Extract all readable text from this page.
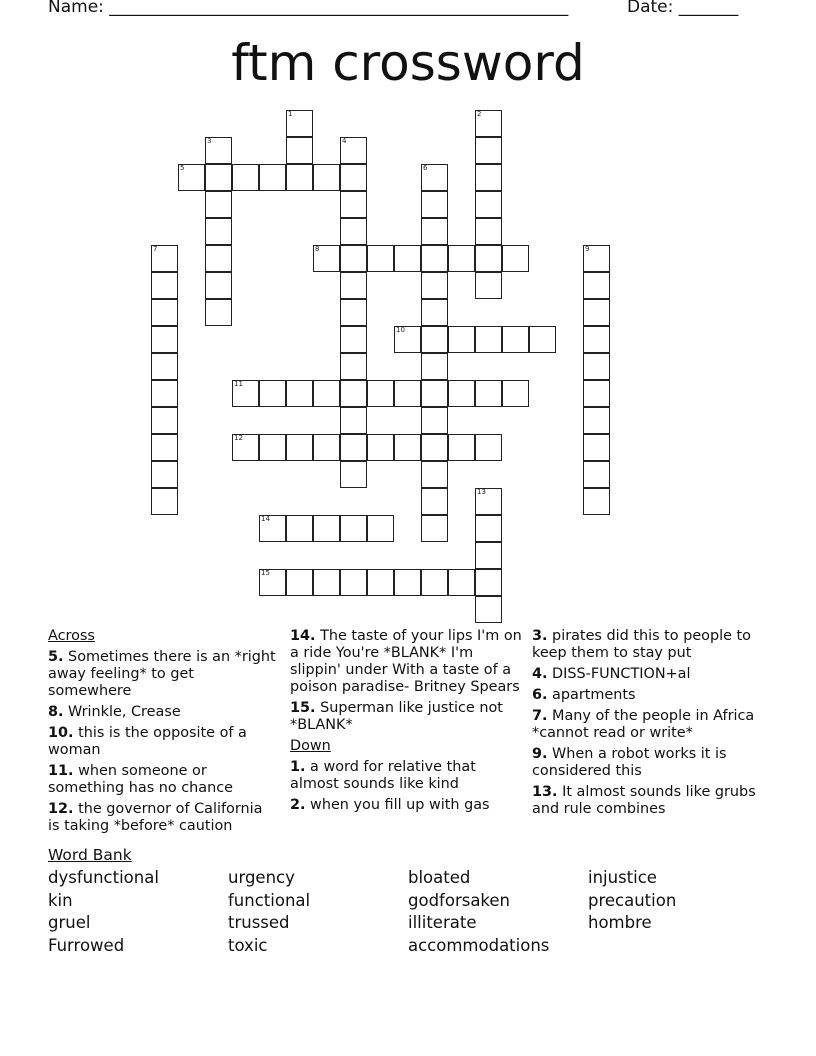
Name: ______________________________________________________	Date: _______
ftm crossword
1	2
3	4
5	6
7	8	9
10
11
12
13
14
15
Across
5. Sometimes there is an *right away feeling* to get somewhere
8. Wrinkle, Crease
10. this is the opposite of a woman
11. when someone or something has no chance
12. the governor of California is taking *before* caution
14. The taste of your lips I'm on a ride You're *BLANK* I'm slippin' under With a taste of a poison paradise- Britney Spears
15. Superman like justice not *BLANK*
Down
1. a word for relative that almost sounds like kind
2. when you fill up with gas
3. pirates did this to people to keep them to stay put
4. DISS-FUNCTION+al
6. apartments
7. Many of the people in Africa *cannot read or write*
9. When a robot works it is considered this
13. It almost sounds like grubs and rule combines
Word Bank
dysfunctional	urgency	bloated	injustice
kin	functional	godforsaken	precaution
gruel	trussed	illiterate	hombre
Furrowed	toxic	accommodations
